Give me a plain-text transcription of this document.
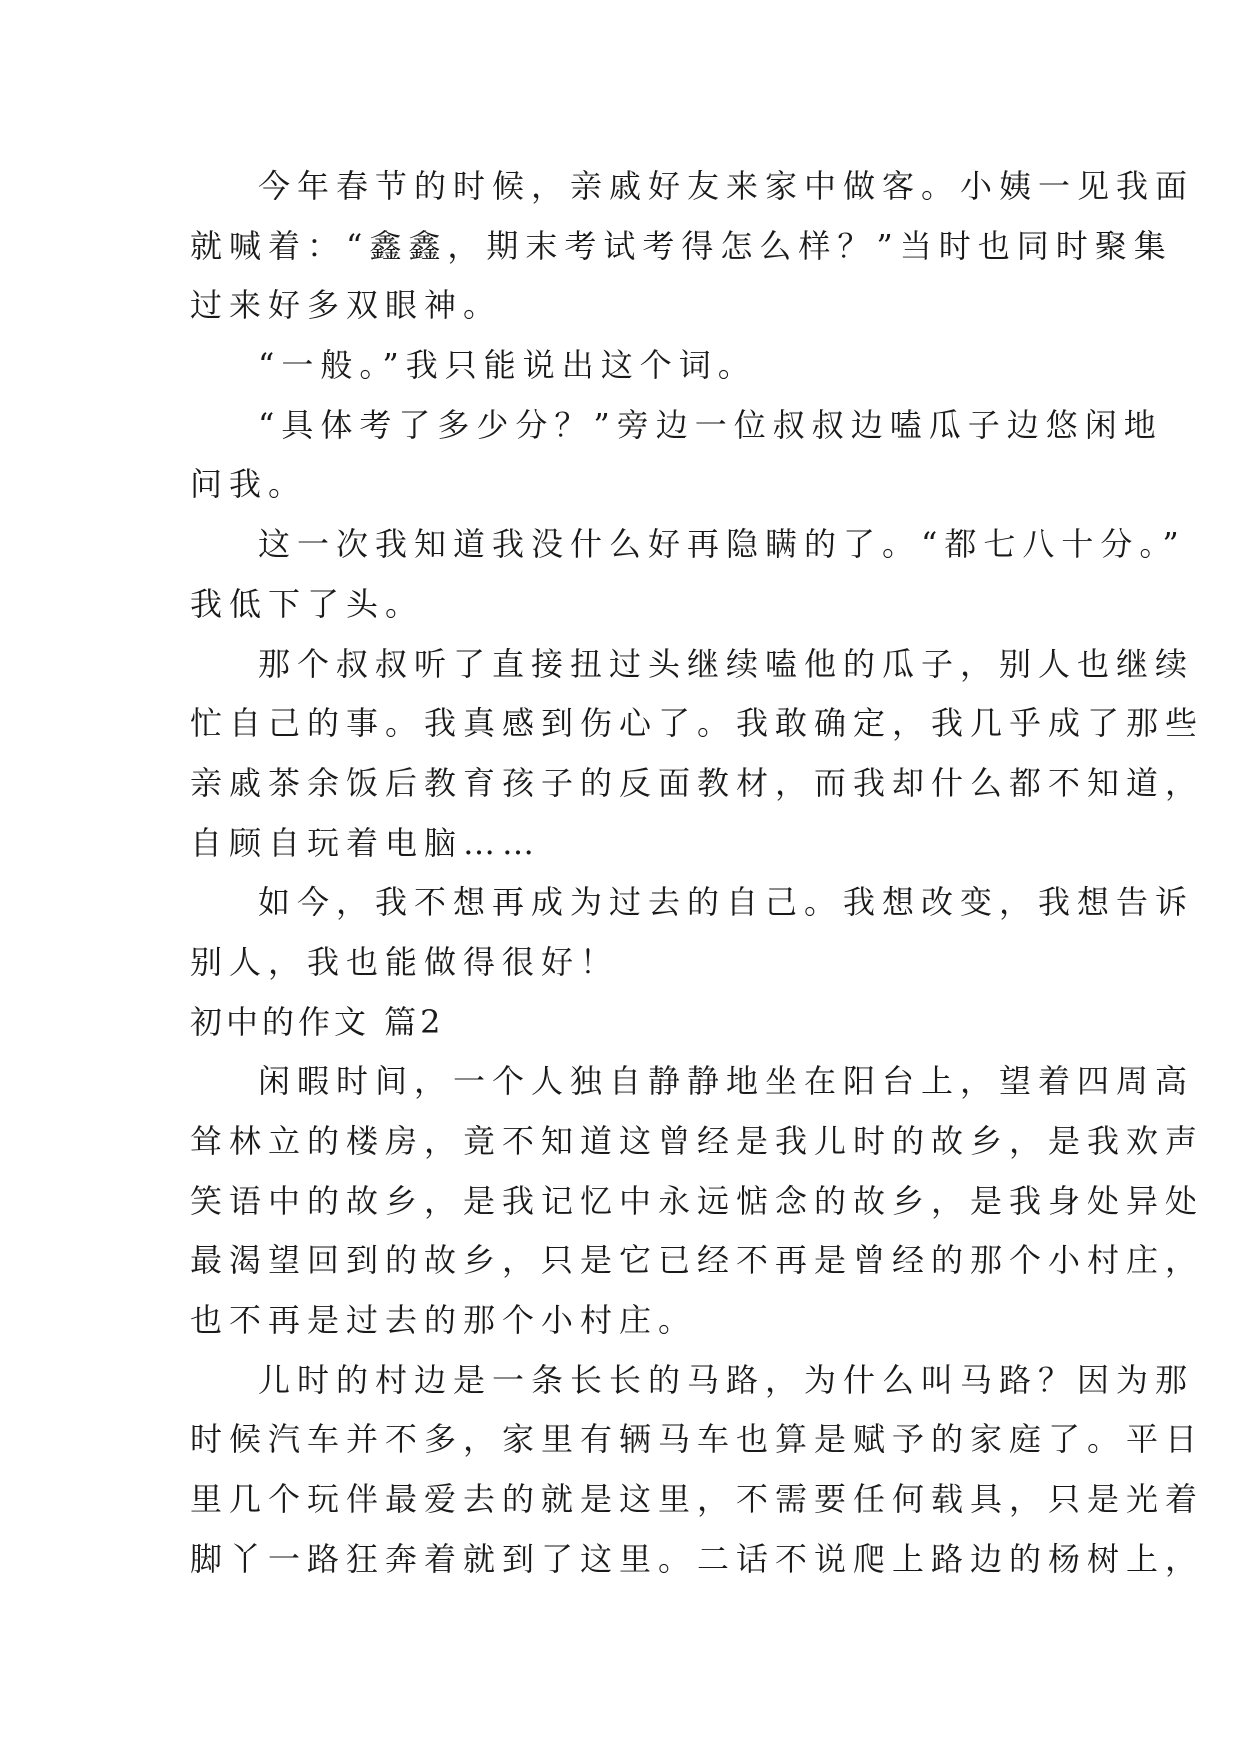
今年春节的时候，亲戚好友来家中做客。小姨一见我面
就喊着：“鑫鑫，期末考试考得怎么样？”当时也同时聚集
过来好多双眼神。
“一般。”我只能说出这个词。
“具体考了多少分？”旁边一位叔叔边嗑瓜子边悠闲地
问我。
这一次我知道我没什么好再隐瞒的了。“都七八十分。”
我低下了头。
那个叔叔听了直接扭过头继续嗑他的瓜子，别人也继续
忙自己的事。我真感到伤心了。我敢确定，我几乎成了那些
亲戚茶余饭后教育孩子的反面教材，而我却什么都不知道，
自顾自玩着电脑……
如今，我不想再成为过去的自己。我想改变，我想告诉
别人，我也能做得很好！
初中的作文 篇2
闲暇时间，一个人独自静静地坐在阳台上，望着四周高
耸林立的楼房，竟不知道这曾经是我儿时的故乡，是我欢声
笑语中的故乡，是我记忆中永远惦念的故乡，是我身处异处
最渴望回到的故乡，只是它已经不再是曾经的那个小村庄，
也不再是过去的那个小村庄。
儿时的村边是一条长长的马路，为什么叫马路？因为那
时候汽车并不多，家里有辆马车也算是赋予的家庭了。平日
里几个玩伴最爱去的就是这里，不需要任何载具，只是光着
脚丫一路狂奔着就到了这里。二话不说爬上路边的杨树上，
